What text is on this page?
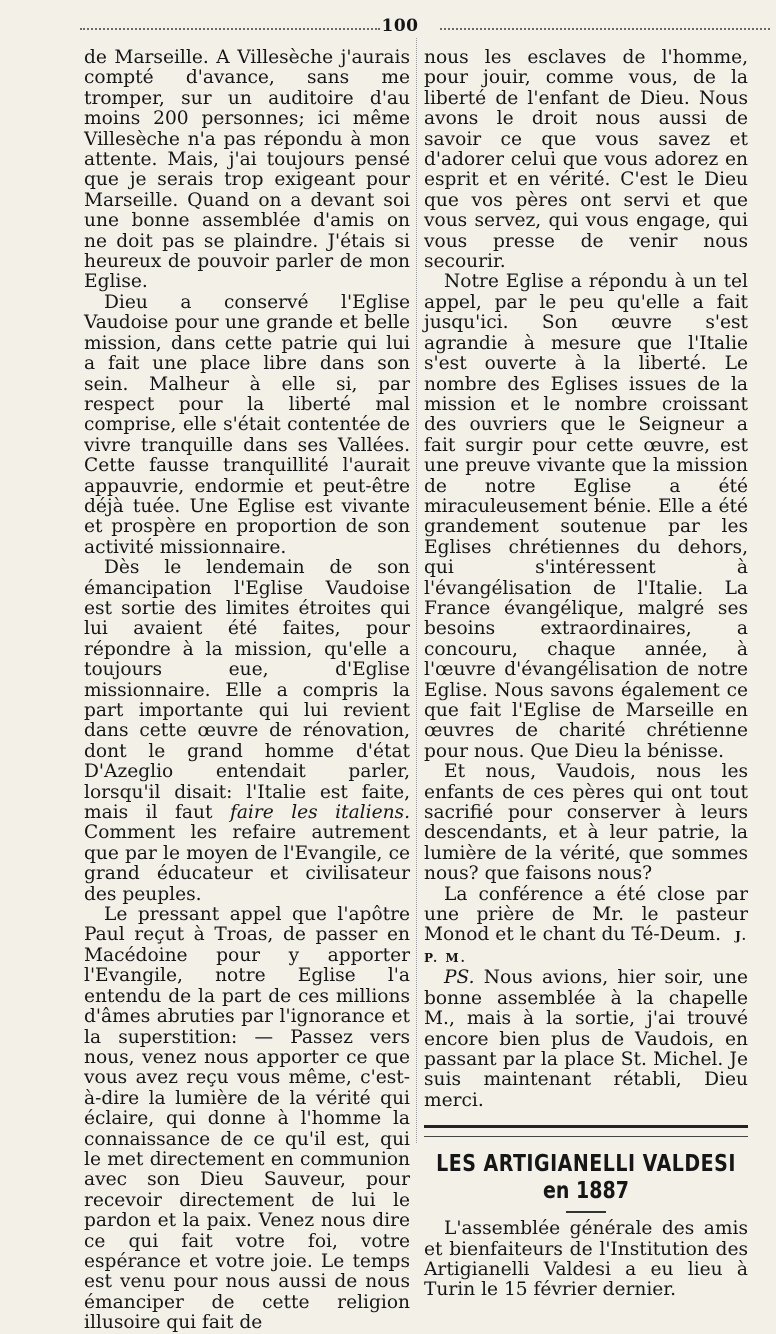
100

de Marseille. A Villesèche j'aurais compté d'avance, sans me tromper, sur un auditoire d'au moins 200 personnes; ici même Villesèche n'a pas répondu à mon attente. Mais, j'ai toujours pensé que je serais trop exigeant pour Marseille. Quand on a devant soi une bonne assemblée d'amis on ne doit pas se plaindre. J'étais si heureux de pouvoir parler de mon Eglise.

Dieu a conservé l'Eglise Vaudoise pour une grande et belle mission, dans cette patrie qui lui a fait une place libre dans son sein. Malheur à elle si, par respect pour la liberté mal comprise, elle s'était contentée de vivre tranquille dans ses Vallées. Cette fausse tranquillité l'aurait appauvrie, endormie et peut-être déjà tuée. Une Eglise est vivante et prospère en proportion de son activité missionnaire.

Dès le lendemain de son émancipation l'Eglise Vaudoise est sortie des limites étroites qui lui avaient été faites, pour répondre à la mission, qu'elle a toujours eue, d'Eglise missionnaire. Elle a compris la part importante qui lui revient dans cette œuvre de rénovation, dont le grand homme d'état D'Azeglio entendait parler, lorsqu'il disait: l'Italie est faite, mais il faut faire les italiens. Comment les refaire autrement que par le moyen de l'Evangile, ce grand éducateur et civilisateur des peuples.

Le pressant appel que l'apôtre Paul reçut à Troas, de passer en Macédoine pour y apporter l'Evangile, notre Eglise l'a entendu de la part de ces millions d'âmes abruties par l'ignorance et la superstition: — Passez vers nous, venez nous apporter ce que vous avez reçu vous même, c'est-à-dire la lumière de la vérité qui éclaire, qui donne à l'homme la connaissance de ce qu'il est, qui le met directement en communion avec son Dieu Sauveur, pour recevoir directement de lui le pardon et la paix. Venez nous dire ce qui fait votre foi, votre espérance et votre joie. Le temps est venu pour nous aussi de nous émanciper de cette religion illusoire qui fait de

nous les esclaves de l'homme, pour jouir, comme vous, de la liberté de l'enfant de Dieu. Nous avons le droit nous aussi de savoir ce que vous savez et d'adorer celui que vous adorez en esprit et en vérité. C'est le Dieu que vos pères ont servi et que vous servez, qui vous engage, qui vous presse de venir nous secourir.

Notre Eglise a répondu à un tel appel, par le peu qu'elle a fait jusqu'ici. Son œuvre s'est agrandie à mesure que l'Italie s'est ouverte à la liberté. Le nombre des Eglises issues de la mission et le nombre croissant des ouvriers que le Seigneur a fait surgir pour cette œuvre, est une preuve vivante que la mission de notre Eglise a été miraculeusement bénie. Elle a été grandement soutenue par les Eglises chrétiennes du dehors, qui s'intéressent à l'évangélisation de l'Italie. La France évangélique, malgré ses besoins extraordinaires, a concouru, chaque année, à l'œuvre d'évangélisation de notre Eglise. Nous savons également ce que fait l'Eglise de Marseille en œuvres de charité chrétienne pour nous. Que Dieu la bénisse.

Et nous, Vaudois, nous les enfants de ces pères qui ont tout sacrifié pour conserver à leurs descendants, et à leur patrie, la lumière de la vérité, que sommes nous? que faisons nous?

La conférence a été close par une prière de Mr. le pasteur Monod et le chant du Té-Deum. J. P. M.

PS. Nous avions, hier soir, une bonne assemblée à la chapelle M., mais à la sortie, j'ai trouvé encore bien plus de Vaudois, en passant par la place St. Michel. Je suis maintenant rétabli, Dieu merci.

LES ARTIGIANELLI VALDESI
en 1887

L'assemblée générale des amis et bienfaiteurs de l'Institution des Artigianelli Valdesi a eu lieu à Turin le 15 février dernier.
